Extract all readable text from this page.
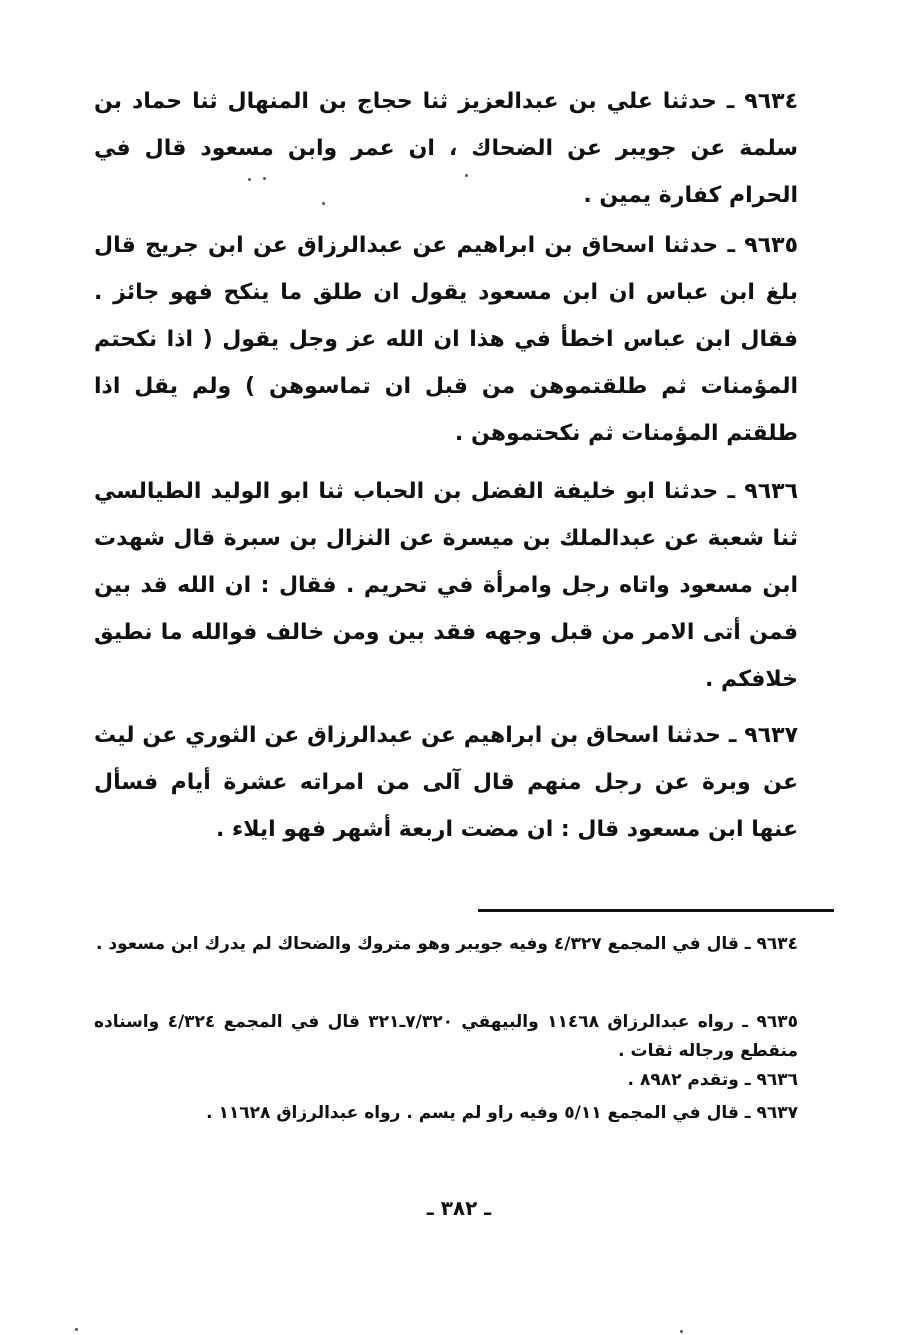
٩٦٣٤ ـ حدثنا علي بن عبدالعزيز ثنا حجاج بن المنهال ثنا حماد بن سلمة عن جويبر عن الضحاك ، ان عمر وابن مسعود قال في الحرام كفارة يمين .

٩٦٣٥ ـ حدثنا اسحاق بن ابراهيم عن عبدالرزاق عن ابن جريج قال بلغ ابن عباس ان ابن مسعود يقول ان طلق ما ينكح فهو جائز . فقال ابن عباس اخطأ في هذا ان الله عز وجل يقول ( اذا نكحتم المؤمنات ثم طلقتموهن من قبل ان تماسوهن ) ولم يقل اذا طلقتم المؤمنات ثم نكحتموهن .

٩٦٣٦ ـ حدثنا ابو خليفة الفضل بن الحباب ثنا ابو الوليد الطيالسي ثنا شعبة عن عبدالملك بن ميسرة عن النزال بن سبرة قال شهدت ابن مسعود واتاه رجل وامرأة في تحريم . فقال : ان الله قد بين فمن أتى الامر من قبل وجهه فقد بين ومن خالف فوالله ما نطيق خلافكم .

٩٦٣٧ ـ حدثنا اسحاق بن ابراهيم عن عبدالرزاق عن الثوري عن ليث عن وبرة عن رجل منهم قال آلى من امراته عشرة أيام فسأل عنها ابن مسعود قال : ان مضت اربعة أشهر فهو ايلاء .

٩٦٣٤ ـ قال في المجمع ٤/٣٢٧ وفيه جويبر وهو متروك والضحاك لم يدرك ابن مسعود .

٩٦٣٥ ـ رواه عبدالرزاق ١١٤٦٨ والبيهقي ٧/٣٢٠ـ٣٢١ قال في المجمع ٤/٣٢٤ واسناده منقطع ورجاله ثقات .

٩٦٣٦ ـ وتقدم ٨٩٨٢ .

٩٦٣٧ ـ قال في المجمع ٥/١١ وفيه راو لم يسم . رواه عبدالرزاق ١١٦٢٨ .

ـ ٣٨٢ ـ
